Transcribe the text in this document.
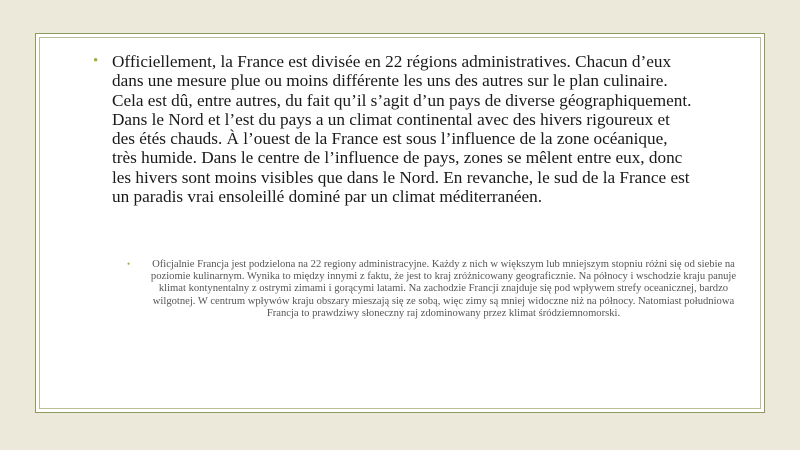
• Officiellement, la France est divisée en 22 régions administratives. Chacun d’eux dans une mesure plue ou moins différente les uns des autres sur le plan culinaire. Cela est dû, entre autres, du fait qu’il s’agit d’un pays de diverse géographiquement. Dans le Nord et l’est du pays a un climat continental avec des hivers rigoureux et des étés chauds. À l’ouest de la France est sous l’influence de la zone océanique, très humide. Dans le centre de l’influence de pays, zones se mêlent entre eux, donc les hivers sont moins visibles que dans le Nord. En revanche, le sud de la France est un paradis vrai ensoleillé dominé par un climat méditerranéen.
•	Oficjalnie Francja jest podzielona na 22 regiony administracyjne. Każdy z nich w większym lub mniejszym stopniu różni się od siebie na poziomie kulinarnym. Wynika to między innymi z faktu, że jest to kraj zróżnicowany geograficznie. Na północy i wschodzie kraju panuje klimat kontynentalny z ostrymi zimami i gorącymi latami. Na zachodzie Francji znajduje się pod wpływem strefy oceanicznej, bardzo wilgotnej. W centrum wpływów kraju obszary mieszają się ze sobą, więc zimy są mniej widoczne niż na północy. Natomiast południowa Francja to prawdziwy słoneczny raj zdominowany przez klimat śródziemnomorski.
